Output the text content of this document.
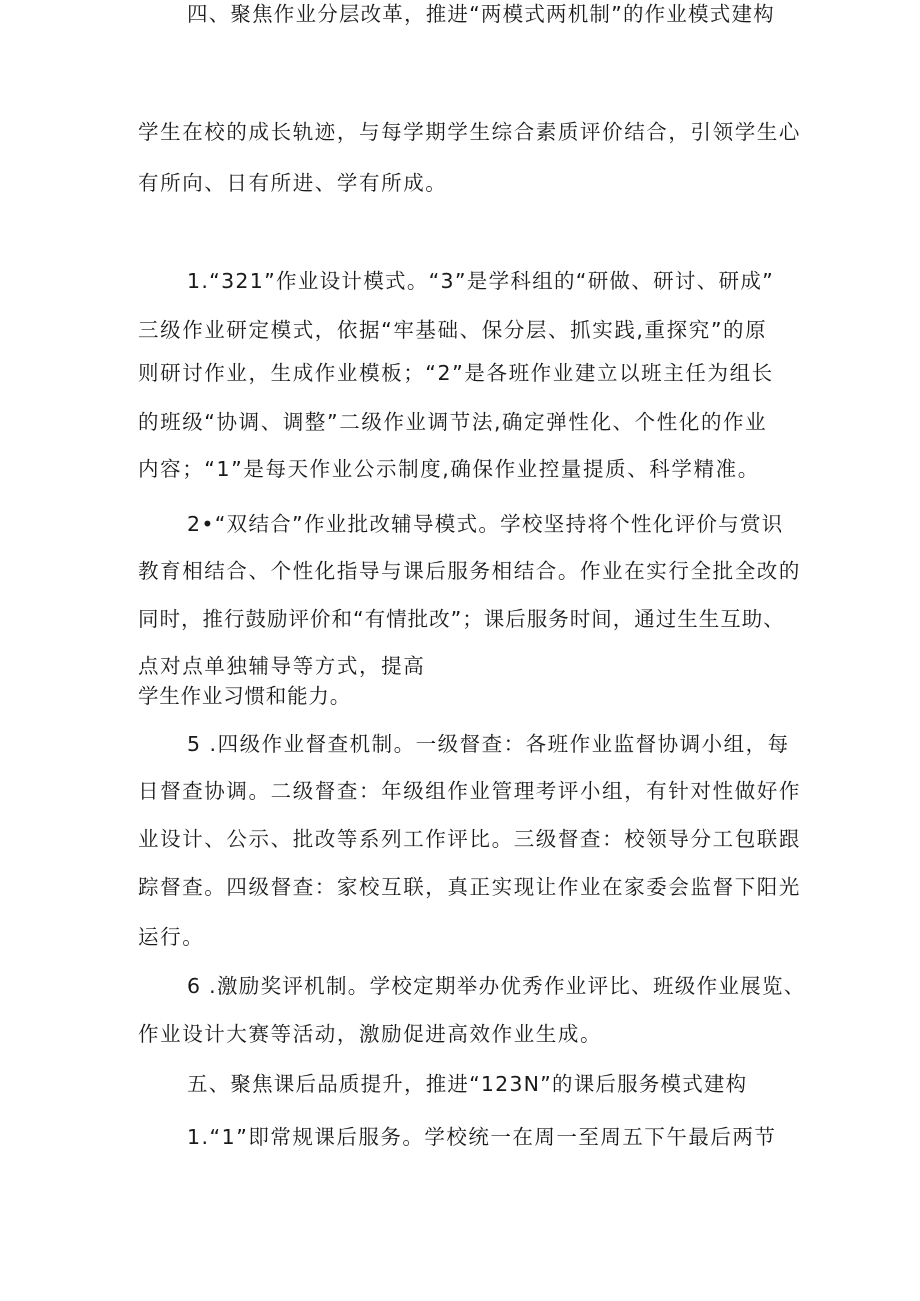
学生在校的成长轨迹，与每学期学生综合素质评价结合，引领学生心
有所向、日有所进、学有所成。
四、聚焦作业分层改革，推进“两模式两机制”的作业模式建构
1.“321”作业设计模式。“3”是学科组的“研做、研讨、研成”
三级作业研定模式，依据“牢基础、保分层、抓实践,重探究”的原
则研讨作业，生成作业模板；“2”是各班作业建立以班主任为组长
的班级“协调、调整”二级作业调节法,确定弹性化、个性化的作业
内容；“1”是每天作业公示制度,确保作业控量提质、科学精准。
2•“双结合”作业批改辅导模式。学校坚持将个性化评价与赏识
教育相结合、个性化指导与课后服务相结合。作业在实行全批全改的
同时，推行鼓励评价和“有情批改”；课后服务时间，通过生生互助、
点对点单独辅导等方式，提高
学生作业习惯和能力。
5 .四级作业督查机制。一级督查：各班作业监督协调小组，每
日督查协调。二级督查：年级组作业管理考评小组，有针对性做好作
业设计、公示、批改等系列工作评比。三级督查：校领导分工包联跟
踪督查。四级督查：家校互联，真正实现让作业在家委会监督下阳光
运行。
6 .激励奖评机制。学校定期举办优秀作业评比、班级作业展览、
作业设计大赛等活动，激励促进高效作业生成。
五、聚焦课后品质提升，推进“123N”的课后服务模式建构
1.“1”即常规课后服务。学校统一在周一至周五下午最后两节
